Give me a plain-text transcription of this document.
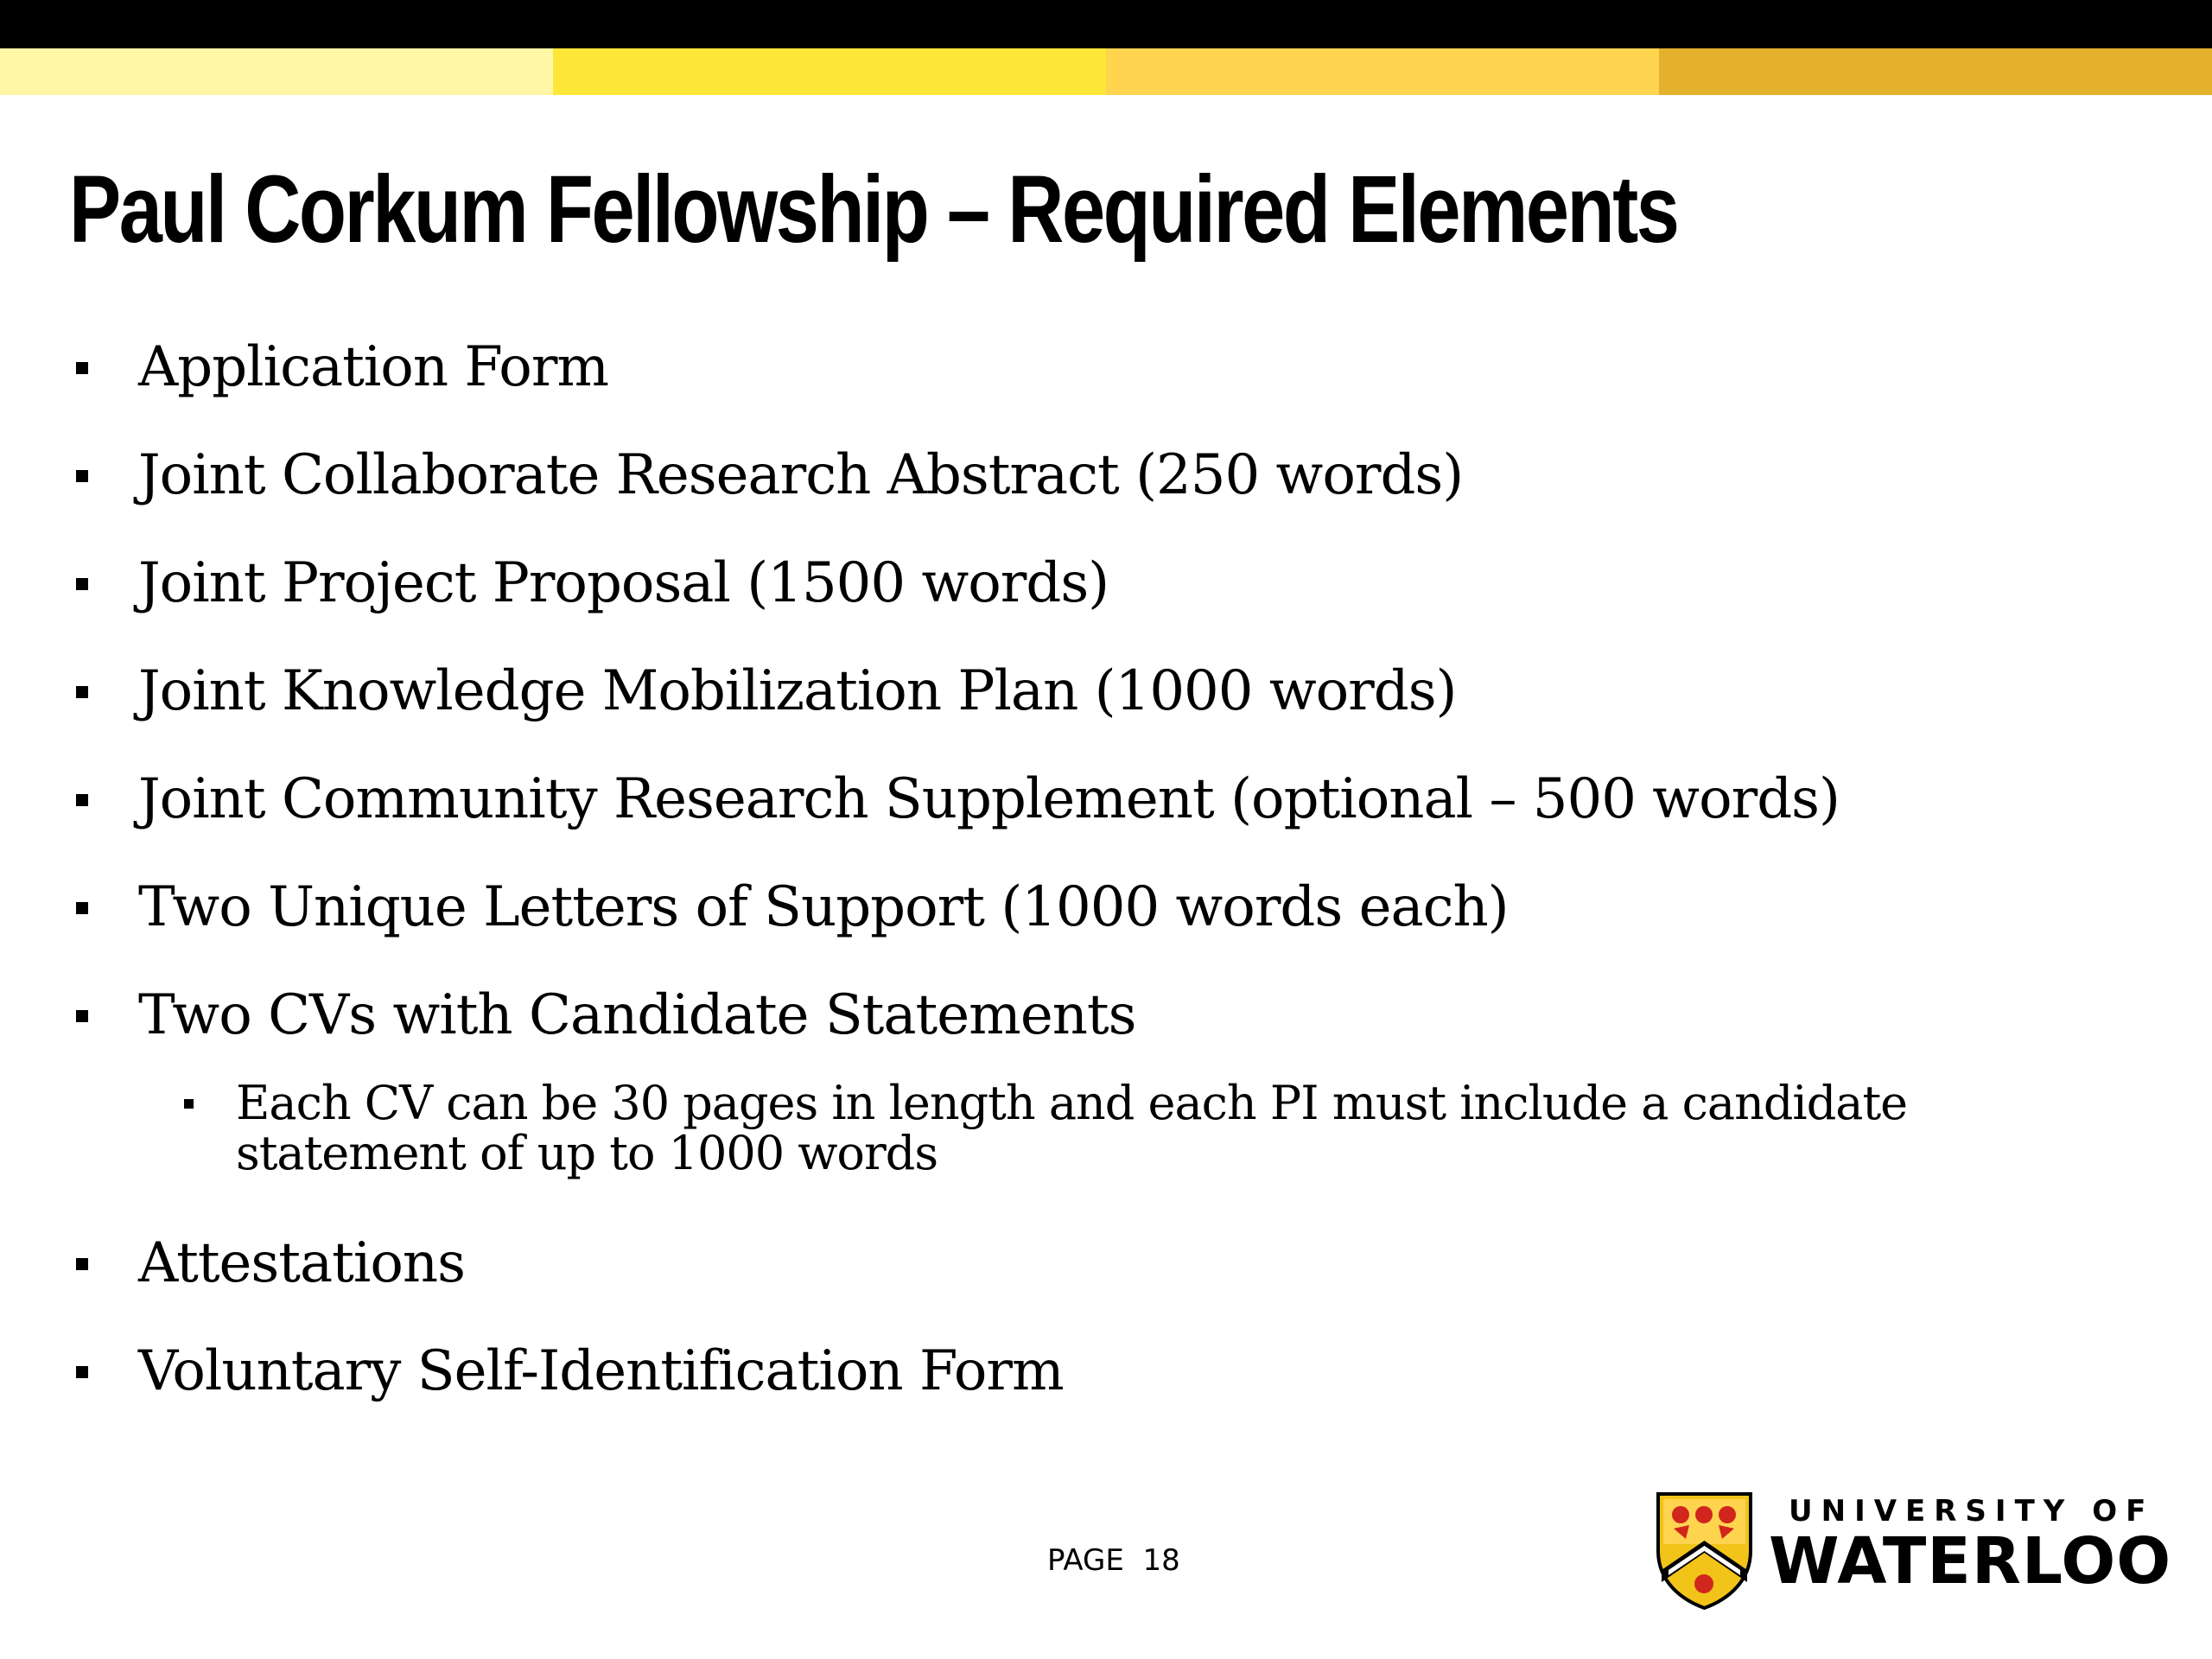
Paul Corkum Fellowship – Required Elements
Application Form
Joint Collaborate Research Abstract (250 words)
Joint Project Proposal (1500 words)
Joint Knowledge Mobilization Plan (1000 words)
Joint Community Research Supplement (optional – 500 words)
Two Unique Letters of Support (1000 words each)
Two CVs with Candidate Statements
Each CV can be 30 pages in length and each PI must include a candidate statement of up to 1000 words
Attestations
Voluntary Self-Identification Form
PAGE 18
UNIVERSITY OF
WATERLOO
